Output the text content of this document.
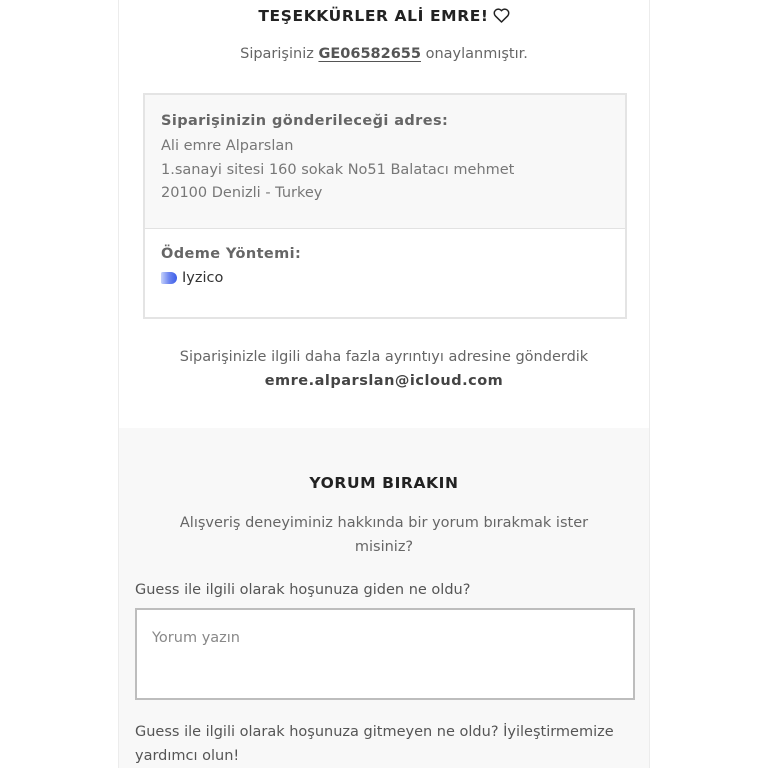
TEŞEKKÜRLER ALİ EMRE!
Siparişiniz GE06582655 onaylanmıştır.
Siparişinizin gönderileceği adres:
Ali emre Alparslan
1.sanayi sitesi 160 sokak No51 Balatacı mehmet
20100 Denizli - Turkey
Ödeme Yöntemi:
Iyzico
Siparişinizle ilgili daha fazla ayrıntıyı adresine gönderdik
emre.alparslan@icloud.com
YORUM BIRAKIN
Alışveriş deneyiminiz hakkında bir yorum bırakmak ister misiniz?
Guess ile ilgili olarak hoşunuza giden ne oldu?
Yorum yazın
Guess ile ilgili olarak hoşunuza gitmeyen ne oldu? İyileştirmemize yardımcı olun!
